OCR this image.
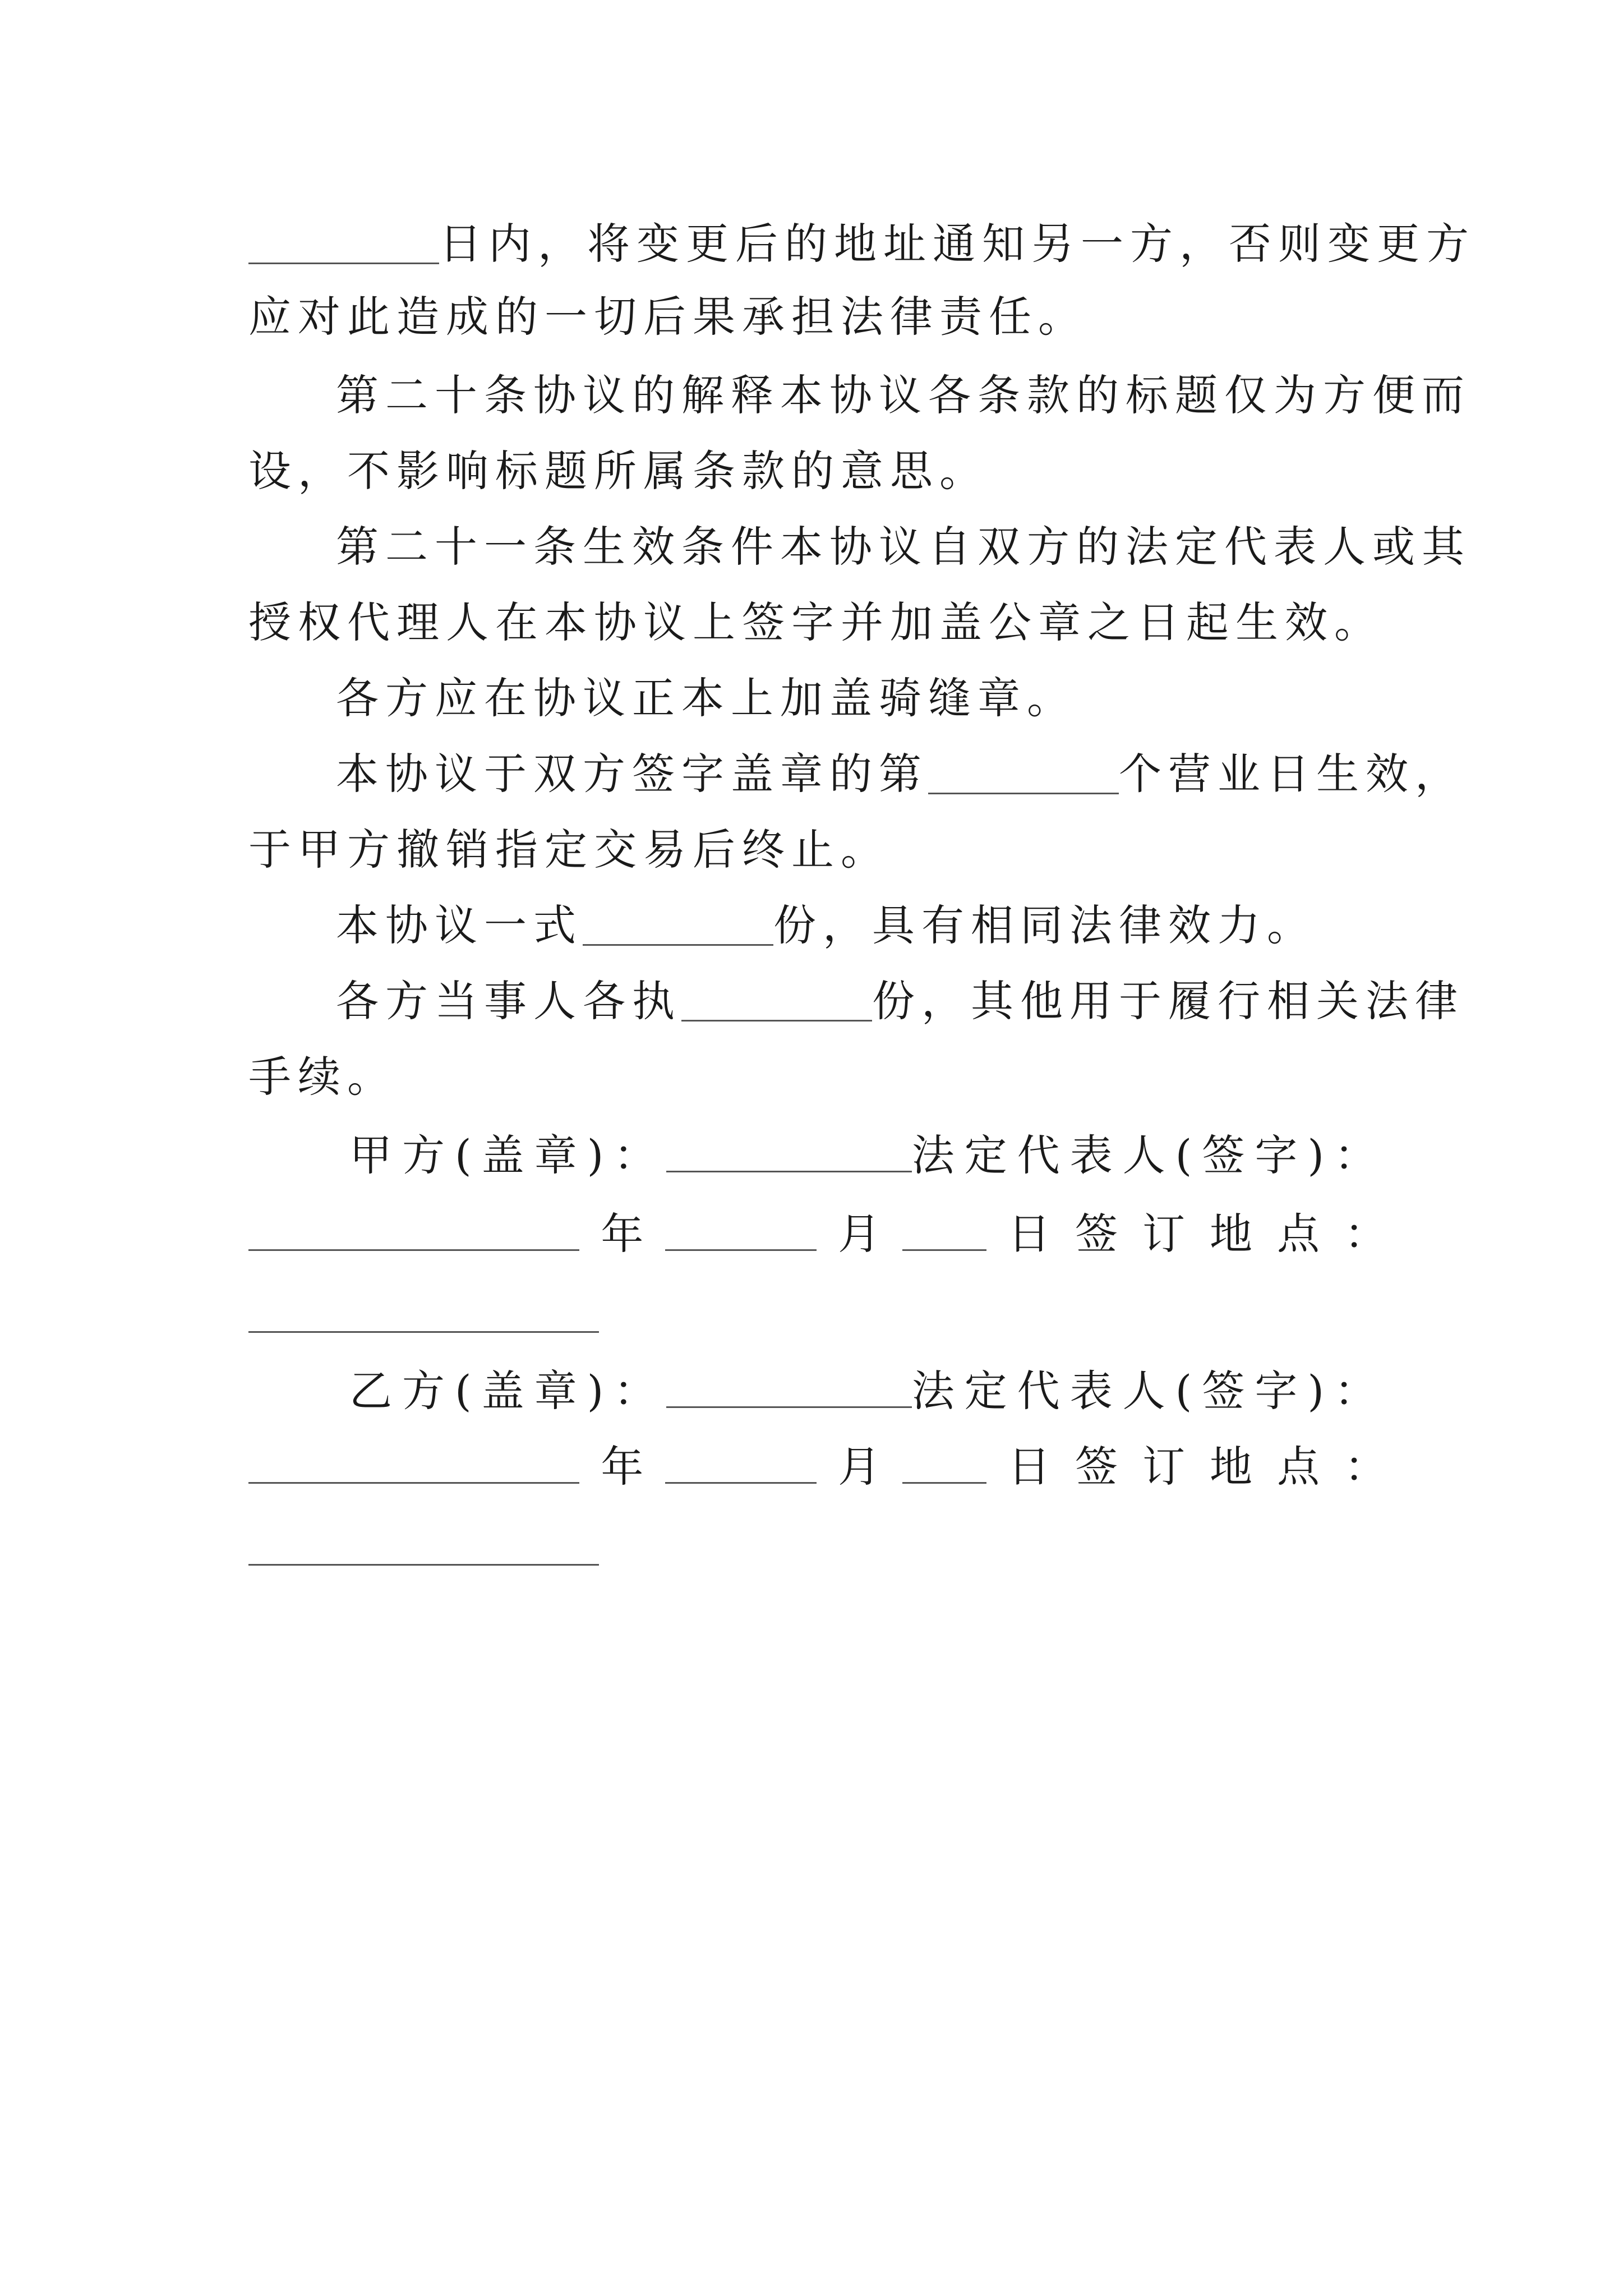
日内，将变更后的地址通知另一方，否则变更方
应对此造成的一切后果承担法律责任。
第二十条协议的解释本协议各条款的标题仅为方便而
设，不影响标题所属条款的意思。
第二十一条生效条件本协议自双方的法定代表人或其
授权代理人在本协议上签字并加盖公章之日起生效。
各方应在协议正本上加盖骑缝章。
本协议于双方签字盖章的第	个营业日生效，
于甲方撤销指定交易后终止。
本协议一式	份，具有相同法律效力。
各方当事人各执	份，其他用于履行相关法律
手续。
甲方(盖章)：	法定代表人(签字)：
年	月	日签订地点：
乙方(盖章)：	法定代表人(签字)：
年	月	日签订地点：
